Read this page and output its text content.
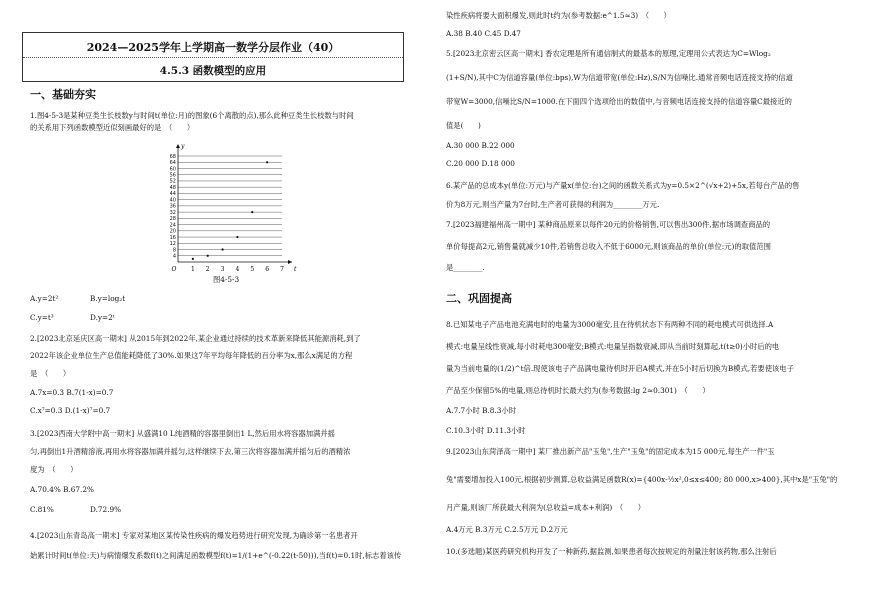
2024—2025学年上学期高一数学分层作业（40）
4.5.3 函数模型的应用
一、基础夯实
1.图4-5-3是某种豆类生长枝数y与时间t(单位:月)的图象(6个离散的点),那么此种豆类生长枝数与时间
的关系用下列函数模型近似刻画最好的是　（　　）
4
8
12
16
20
24
28
32
36
40
44
48
52
56
60
64
68
y
t
O 1 2 3 4 5 6 7
图4-5-3
A.y=2t²	B.y=log₂t
C.y=t³	D.y=2ᵗ
2.[2023北京延庆区高一期末] 从2015年到2022年,某企业通过持续的技术革新来降低其能源消耗,到了
2022年该企业单位生产总值能耗降低了30%.如果这7年平均每年降低的百分率为x,那么x满足的方程
是　（　　）
A.7x=0.3 B.7(1-x)=0.7
C.x⁷=0.3 D.(1-x)⁷=0.7
3.[2023西南大学附中高一期末] 从盛满10 L纯酒精的容器里倒出1 L,然后用水将容器加满并摇
匀,再倒出1升酒精溶液,再用水将容器加满并摇匀,这样继续下去,第三次将容器加满并摇匀后的酒精浓
度为　（　　）
A.70.4% B.67.2%
C.81%	D.72.9%
4.[2023山东青岛高一期末] 专家对某地区某传染性疾病的爆发趋势进行研究发现,为确诊第一名患者开
始累计时间t(单位:天)与病情爆发系数f(t)之间满足函数模型f(t)=1/(1+e^(-0.22(t-50))),当f(t)=0.1时,标志着该传
染性疾病将要大面积爆发,则此时t约为(参考数据:e^1.5≈3)　（　　）
A.38 B.40 C.45 D.47
5.[2023北京密云区高一期末] 香农定理是所有通信制式的最基本的原理,定理用公式表达为C=Wlog₂
(1+S/N),其中C为信道容量(单位:bps),W为信道带宽(单位:Hz),S/N为信噪比.通常音频电话连接支持的信道
带宽W=3000,信噪比S/N=1000.在下面四个选项给出的数值中,与音频电话连接支持的信道容量C最接近的
值是(　　)
A.30 000 B.22 000
C.20 000 D.18 000
6.某产品的总成本y(单位:万元)与产量x(单位:台)之间的函数关系式为y=0.5×2^(√x+2)+5x,若每台产品的售
价为8万元,则当产量为7台时,生产者可获得的利润为________万元.
7.[2023福建福州高一期中] 某种商品原来以每件20元的价格销售,可以售出300件,据市场调查商品的
单价每提高2元,销售量就减少10件,若销售总收入不低于6000元,则该商品的单价(单位:元)的取值范围
是________.
二、巩固提高
8.已知某电子产品电池充满电时的电量为3000毫安,且在待机状态下有两种不同的耗电模式可供选择.A
模式:电量呈线性衰减,每小时耗电300毫安;B模式:电量呈指数衰减,即从当前时刻算起,t(t≥0)小时后的电
量为当前电量的(1/2)^t倍.现使该电子产品满电量待机时开启A模式,并在5小时后切换为B模式,若要使该电子
产品至少保留5%的电量,则总待机时长最大约为(参考数据:lg 2≈0.301)　（　　）
A.7.7小时 B.8.3小时
C.10.3小时 D.11.3小时
9.[2023山东菏泽高一期中] 某厂推出新产品"玉兔",生产"玉兔"的固定成本为15 000元,每生产一件"玉
兔"需要增加投入100元,根据初步测算,总收益满足函数R(x)={400x-½x²,0≤x≤400; 80 000,x>400},其中x是"玉兔"的
月产量,则该厂所获最大利润为(总收益=成本+利润)　（　　）
A.4万元 B.3万元 C.2.5万元 D.2万元
10.(多选题)某医药研究机构开发了一种新药,据监测,如果患者每次按规定的剂量注射该药物,那么注射后
